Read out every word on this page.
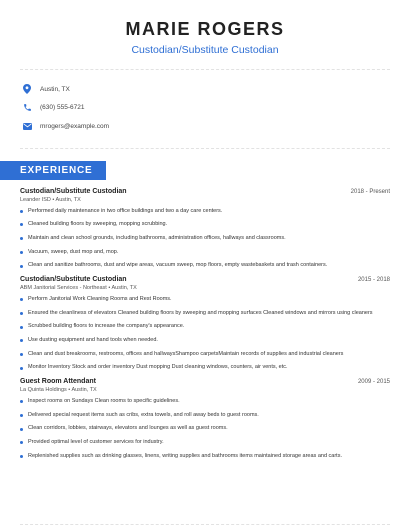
MARIE ROGERS
Custodian/Substitute Custodian
Austin, TX
(630) 555-6721
mrogers@example.com
EXPERIENCE
Custodian/Substitute Custodian	2018 - Present
Leander ISD • Austin, TX
Performed daily maintenance in two office buildings and two a day care centers.
Cleaned building floors by sweeping, mopping scrubbing.
Maintain and clean school grounds, including bathrooms, administration offices, hallways and classrooms.
Vacuum, sweep, dust mop and, mop.
Clean and sanitize bathrooms, dust and wipe areas, vacuum sweep, mop floors, empty wastebaskets and trash containers.
Custodian/Substitute Custodian	2015 - 2018
ABM Janitorial Services - Northeast • Austin, TX
Perform Janitorial Work Cleaning Rooms and Rest Rooms.
Ensured the cleanliness of elevators Cleaned building floors by sweeping and mopping surfaces Cleaned windows and mirrors using cleaners
Scrubbed building floors to increase the company's appearance.
Use dusting equipment and hand tools when needed.
Clean and dust breakrooms, restrooms, offices and hallwaysShampoo carpetsMaintain records of supplies and industrial cleaners
Monitor Inventory Stock and order inventory Dust mopping Dust cleaning windows, counters, air vents, etc.
Guest Room Attendant	2009 - 2015
La Quinta Holdings • Austin, TX
Inspect rooms on Sundays Clean rooms to specific guidelines.
Delivered special request items such as cribs, extra towels, and roll away beds to guest rooms.
Clean corridors, lobbies, stairways, elevators and lounges as well as guest rooms.
Provided optimal level of customer services for industry.
Replenished supplies such as drinking glasses, linens, writing supplies and bathrooms items maintained storage areas and carts.
